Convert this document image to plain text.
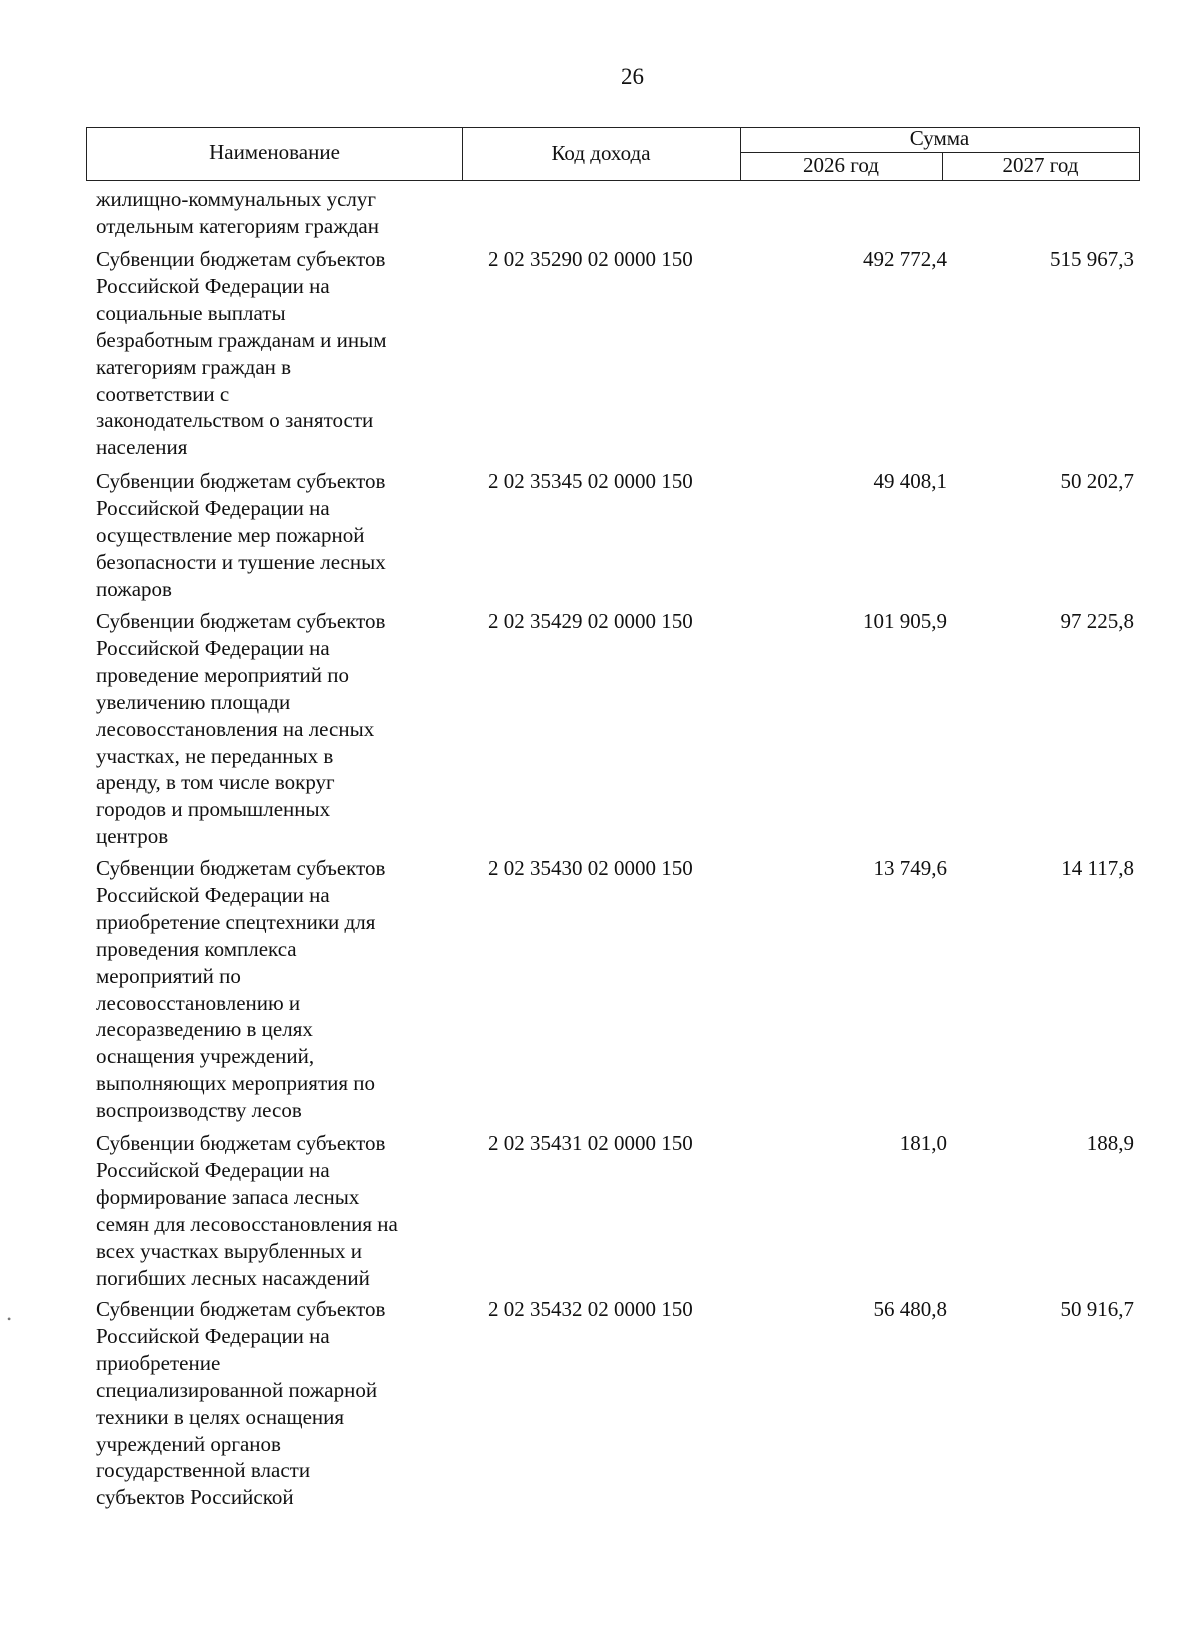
26
Наименование	Код дохода
Сумма
2026 год	2027 год
жилищно-коммунальных услуг
отдельным категориям граждан
Субвенции бюджетам субъектов
Российской Федерации на
социальные выплаты
безработным гражданам и иным
категориям граждан в
соответствии с
законодательством о занятости
населения
2 02 35290 02 0000 150	492 772,4	515 967,3
Субвенции бюджетам субъектов
Российской Федерации на
осуществление мер пожарной
безопасности и тушение лесных
пожаров
2 02 35345 02 0000 150	49 408,1	50 202,7
Субвенции бюджетам субъектов
Российской Федерации на
проведение мероприятий по
увеличению площади
лесовосстановления на лесных
участках, не переданных в
аренду, в том числе вокруг
городов и промышленных
центров
2 02 35429 02 0000 150	101 905,9	97 225,8
Субвенции бюджетам субъектов
Российской Федерации на
приобретение спецтехники для
проведения комплекса
мероприятий по
лесовосстановлению и
лесоразведению в целях
оснащения учреждений,
выполняющих мероприятия по
воспроизводству лесов
2 02 35430 02 0000 150	13 749,6	14 117,8
Субвенции бюджетам субъектов
Российской Федерации на
формирование запаса лесных
семян для лесовосстановления на
всех участках вырубленных и
погибших лесных насаждений
2 02 35431 02 0000 150	181,0	188,9
Субвенции бюджетам субъектов
Российской Федерации на
приобретение
специализированной пожарной
техники в целях оснащения
учреждений органов
государственной власти
субъектов Российской
2 02 35432 02 0000 150	56 480,8	50 916,7
•
